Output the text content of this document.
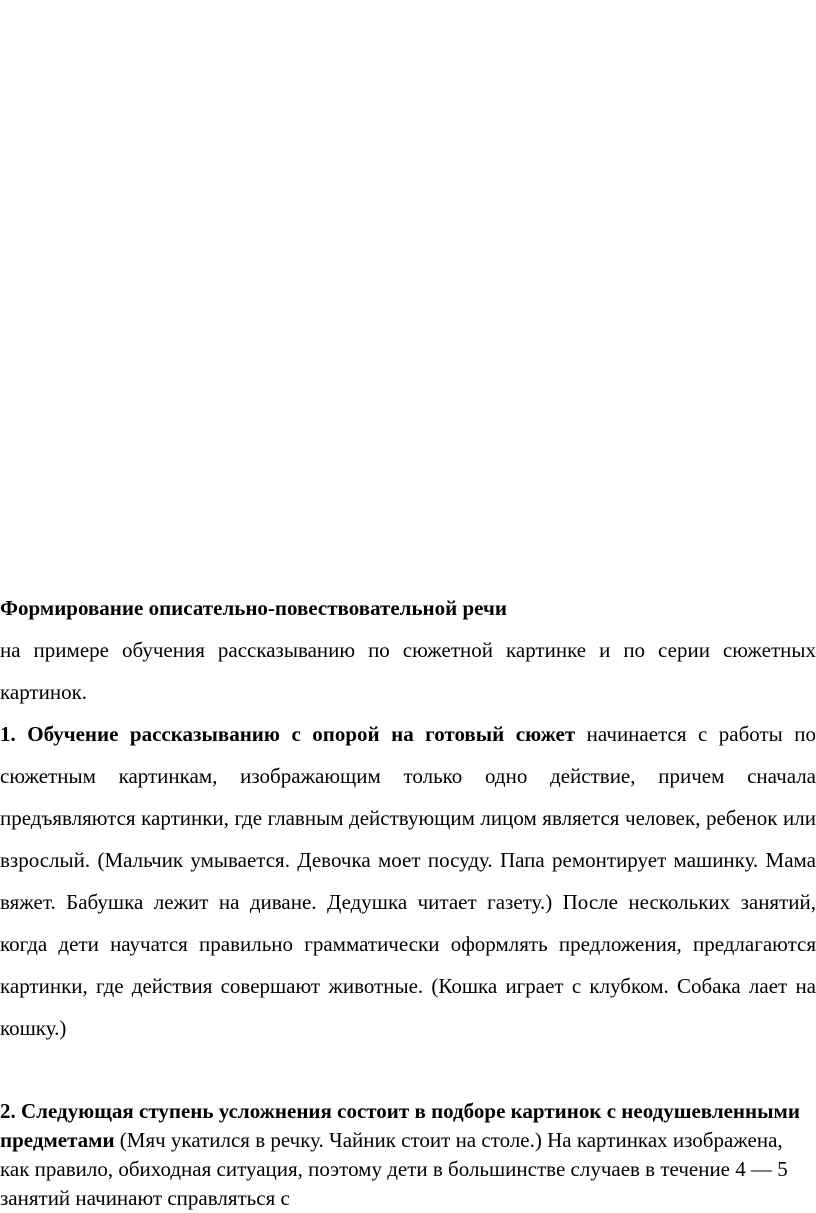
Формирование описательно-повествовательной речи

на примере обучения рассказыванию по сюжетной картинке и по серии сюжетных картинок.

1. Обучение рассказыванию с опорой на готовый сюжет начинается с работы по сюжетным картинкам, изображающим только одно действие, причем сначала предъявляются картинки, где главным действующим лицом является человек, ребенок или взрослый. (Мальчик умывается. Девочка моет посуду. Папа ремонтирует машинку. Мама вяжет. Бабушка лежит на диване. Дедушка читает газету.) После нескольких занятий, когда дети научатся правильно грамматически оформлять предложения, предлагаются картинки, где действия совершают животные. (Кошка играет с клубком. Собака лает на кошку.)

2. Следующая ступень усложнения состоит в подборе картинок с неодушевленными предметами (Мяч укатился в речку. Чайник стоит на столе.) На картинках изображена, как правило, обиходная ситуация, поэтому дети в большинстве случаев в течение 4 — 5 занятий начинают справляться с
